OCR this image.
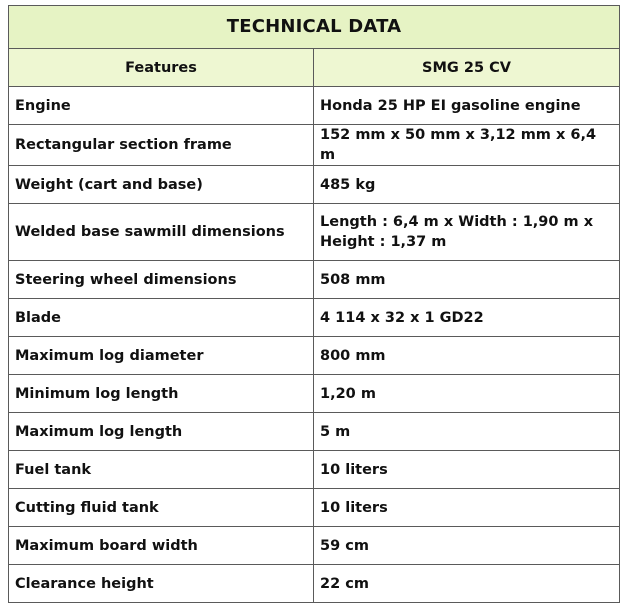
TECHNICAL DATA	
Features	SMG 25 CV
Engine	Honda 25 HP EI gasoline engine
Rectangular section frame	152 mm x 50 mm x 3,12 mm x 6,4 m
Weight (cart and base)	485 kg
Welded base sawmill dimensions	Length : 6,4 m x Width : 1,90 m x Height : 1,37 m
Steering wheel dimensions	508 mm
Blade	4 114 x 32 x 1 GD22
Maximum log diameter	800 mm
Minimum log length	1,20 m
Maximum log length	5 m
Fuel tank	10 liters
Cutting fluid tank	10 liters
Maximum board width	59 cm
Clearance height	22 cm
